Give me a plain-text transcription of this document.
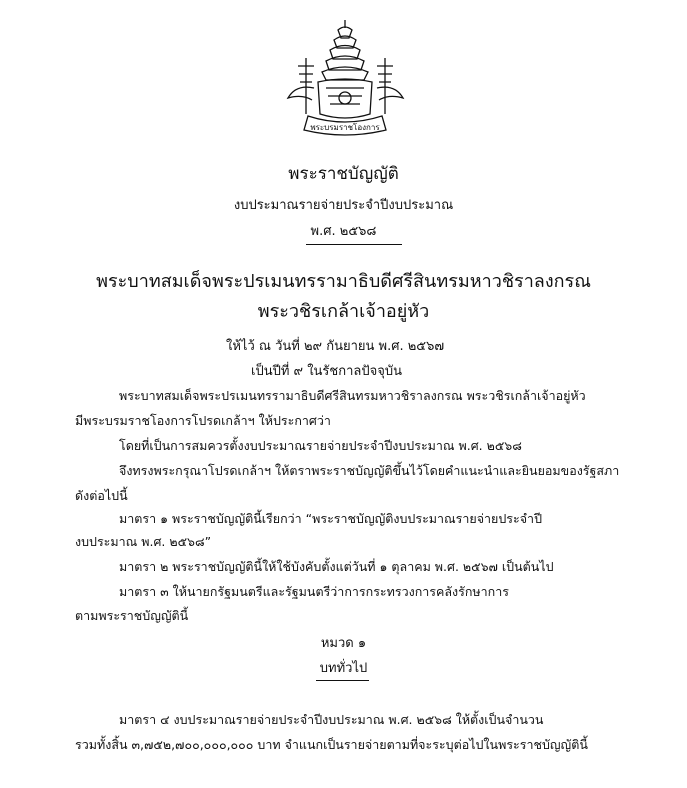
พระบรมราชโองการ
พระราชบัญญัติ
งบประมาณรายจ่ายประจำปีงบประมาณ
พ.ศ. ๒๕๖๘
พระบาทสมเด็จพระปรเมนทรรามาธิบดีศรีสินทรมหาวชิราลงกรณ
พระวชิรเกล้าเจ้าอยู่หัว
ให้ไว้ ณ วันที่ ๒๙ กันยายน พ.ศ. ๒๕๖๗
เป็นปีที่ ๙ ในรัชกาลปัจจุบัน
พระบาทสมเด็จพระปรเมนทรรามาธิบดีศรีสินทรมหาวชิราลงกรณ พระวชิรเกล้าเจ้าอยู่หัว
มีพระบรมราชโองการโปรดเกล้าฯ ให้ประกาศว่า
โดยที่เป็นการสมควรตั้งงบประมาณรายจ่ายประจำปีงบประมาณ พ.ศ. ๒๕๖๘
จึงทรงพระกรุณาโปรดเกล้าฯ ให้ตราพระราชบัญญัติขึ้นไว้โดยคำแนะนำและยินยอมของรัฐสภา
ดังต่อไปนี้
มาตรา ๑ พระราชบัญญัตินี้เรียกว่า “พระราชบัญญัติงบประมาณรายจ่ายประจำปี
งบประมาณ พ.ศ. ๒๕๖๘”
มาตรา ๒ พระราชบัญญัตินี้ให้ใช้บังคับตั้งแต่วันที่ ๑ ตุลาคม พ.ศ. ๒๕๖๗ เป็นต้นไป
มาตรา ๓ ให้นายกรัฐมนตรีและรัฐมนตรีว่าการกระทรวงการคลังรักษาการ
ตามพระราชบัญญัตินี้
หมวด ๑
บททั่วไป
มาตรา ๔ งบประมาณรายจ่ายประจำปีงบประมาณ พ.ศ. ๒๕๖๘ ให้ตั้งเป็นจำนวน
รวมทั้งสิ้น ๓,๗๕๒,๗๐๐,๐๐๐,๐๐๐ บาท จำแนกเป็นรายจ่ายตามที่จะระบุต่อไปในพระราชบัญญัตินี้
